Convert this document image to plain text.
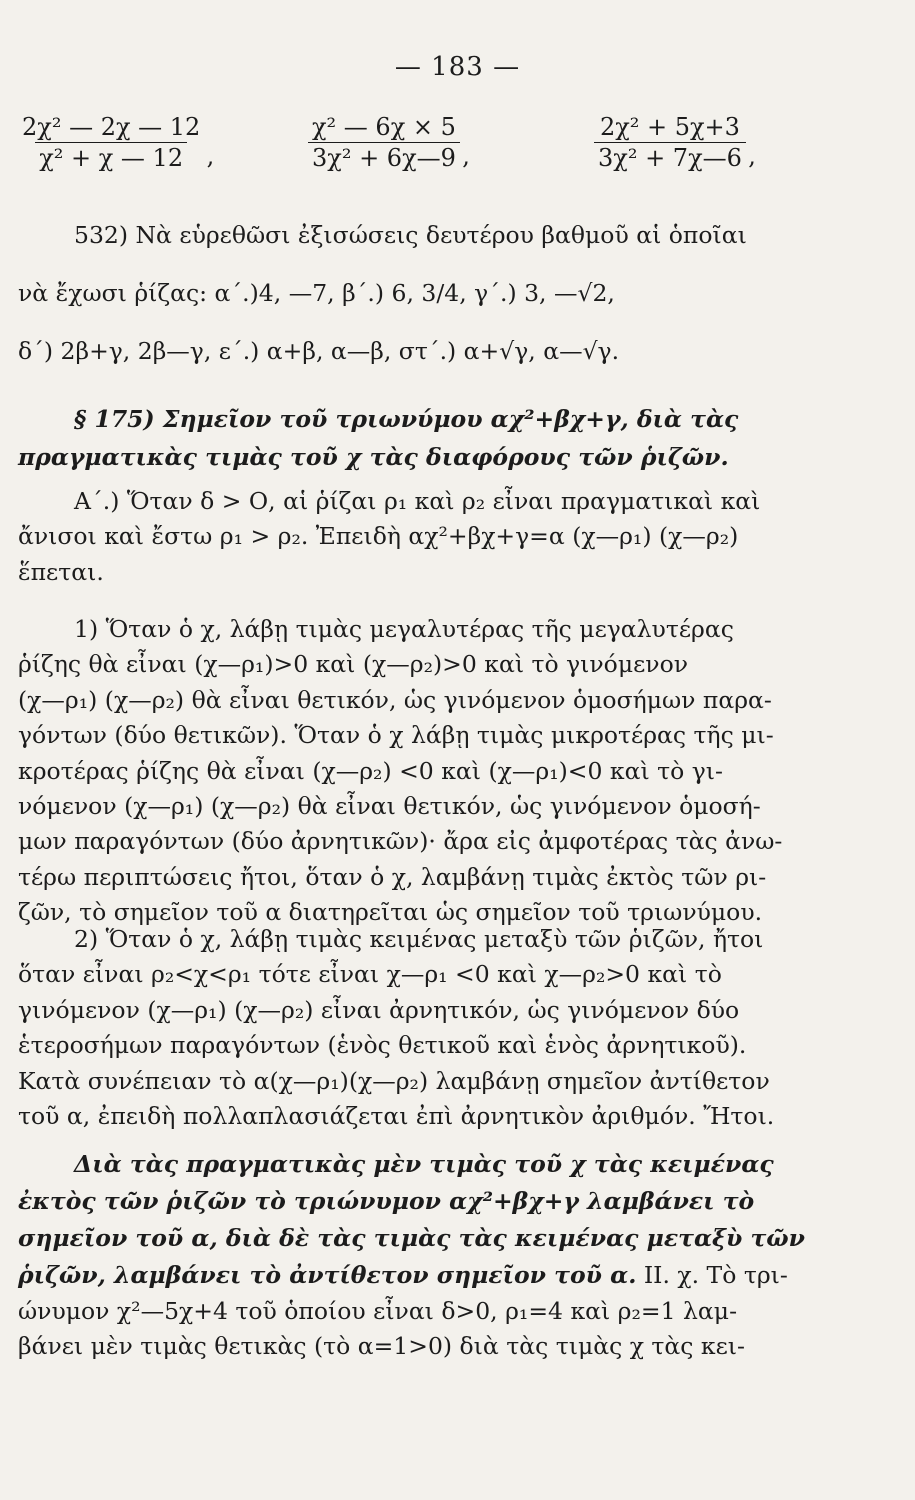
— 183 —
2χ² — 2χ — 12
χ² + χ — 12 ,
χ² — 6χ × 5
3χ² + 6χ—9 ,
2χ² + 5χ+3
3χ² + 7χ—6 ,
532) Νὰ εὑρεθῶσι ἐξισώσεις δευτέρου βαθμοῦ αἱ ὁποῖαι
νὰ ἔχωσι ῥίζας: α΄.)4, —7, β΄.) 6, 3/4, γ΄.) 3, —√2,
δ΄) 2β+γ, 2β—γ, ε΄.) α+β, α—β, στ΄.) α+√γ, α—√γ.
§ 175) Σημεῖον τοῦ τριωνύμου αχ²+βχ+γ, διὰ τὰς
πραγματικὰς τιμὰς τοῦ χ τὰς διαφόρους τῶν ῥιζῶν.
Α΄.) Ὅταν δ > Ο, αἱ ῥίζαι ρ₁ καὶ ρ₂ εἶναι πραγματικαὶ καὶ
ἄνισοι καὶ ἔστω ρ₁ > ρ₂. Ἐπειδὴ αχ²+βχ+γ=α (χ—ρ₁) (χ—ρ₂)
ἕπεται.
1) Ὅταν ὁ χ, λάβῃ τιμὰς μεγαλυτέρας τῆς μεγαλυτέρας
ῥίζης θὰ εἶναι (χ—ρ₁)>0 καὶ (χ—ρ₂)>0 καὶ τὸ γινόμενον
(χ—ρ₁) (χ—ρ₂) θὰ εἶναι θετικόν, ὡς γινόμενον ὁμοσήμων παρα-
γόντων (δύο θετικῶν). Ὅταν ὁ χ λάβῃ τιμὰς μικροτέρας τῆς μι-
κροτέρας ῥίζης θὰ εἶναι (χ—ρ₂) <0 καὶ (χ—ρ₁)<0 καὶ τὸ γι-
νόμενον (χ—ρ₁) (χ—ρ₂) θὰ εἶναι θετικόν, ὡς γινόμενον ὁμοσή-
μων παραγόντων (δύο ἀρνητικῶν)· ἄρα εἰς ἀμφοτέρας τὰς ἀνω-
τέρω περιπτώσεις ἤτοι, ὅταν ὁ χ, λαμβάνῃ τιμὰς ἐκτὸς τῶν ρι-
ζῶν, τὸ σημεῖον τοῦ α διατηρεῖται ὡς σημεῖον τοῦ τριωνύμου.
2) Ὅταν ὁ χ, λάβῃ τιμὰς κειμένας μεταξὺ τῶν ῥιζῶν, ἤτοι
ὅταν εἶναι ρ₂<χ<ρ₁ τότε εἶναι χ—ρ₁ <0 καὶ χ—ρ₂>0 καὶ τὸ
γινόμενον (χ—ρ₁) (χ—ρ₂) εἶναι ἀρνητικόν, ὡς γινόμενον δύο
ἑτεροσήμων παραγόντων (ἑνὸς θετικοῦ καὶ ἑνὸς ἀρνητικοῦ).
Κατὰ συνέπειαν τὸ α(χ—ρ₁)(χ—ρ₂) λαμβάνῃ σημεῖον ἀντίθετον
τοῦ α, ἐπειδὴ πολλαπλασιάζεται ἐπὶ ἀρνητικὸν ἀριθμόν. Ἤτοι.
Διὰ τὰς πραγματικὰς μὲν τιμὰς τοῦ χ τὰς κειμένας
ἐκτὸς τῶν ῥιζῶν τὸ τριώνυμον αχ²+βχ+γ λαμβάνει τὸ
σημεῖον τοῦ α, διὰ δὲ τὰς τιμὰς τὰς κειμένας μεταξὺ τῶν
ῥιζῶν, λαμβάνει τὸ ἀντίθετον σημεῖον τοῦ α. ΙΙ. χ. Τὸ τρι-
ώνυμον χ²—5χ+4 τοῦ ὁποίου εἶναι δ>0, ρ₁=4 καὶ ρ₂=1 λαμ-
βάνει μὲν τιμὰς θετικὰς (τὸ α=1>0) διὰ τὰς τιμὰς χ τὰς κει-
